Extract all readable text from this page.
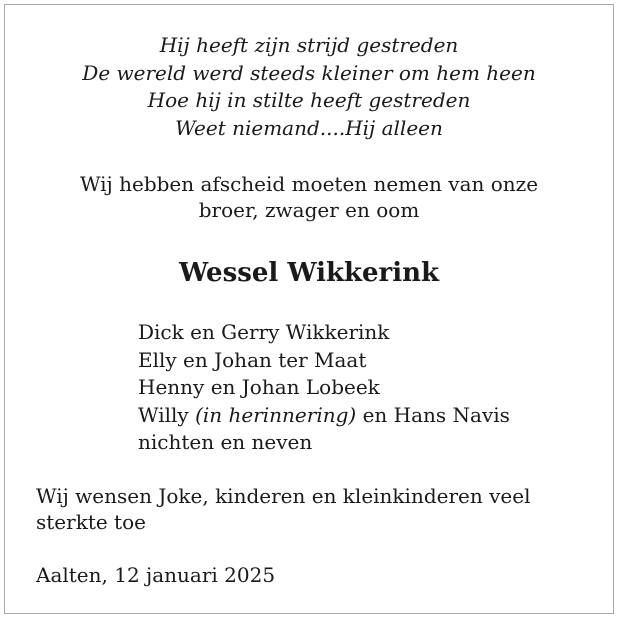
Hij heeft zijn strijd gestreden
De wereld werd steeds kleiner om hem heen
Hoe hij in stilte heeft gestreden
Weet niemand....Hij alleen
Wij hebben afscheid moeten nemen van onze
broer, zwager en oom
Wessel Wikkerink
Dick en Gerry Wikkerink
Elly en Johan ter Maat
Henny en Johan Lobeek
Willy (in herinnering) en Hans Navis
nichten en neven
Wij wensen Joke, kinderen en kleinkinderen veel
sterkte toe
Aalten, 12 januari 2025
